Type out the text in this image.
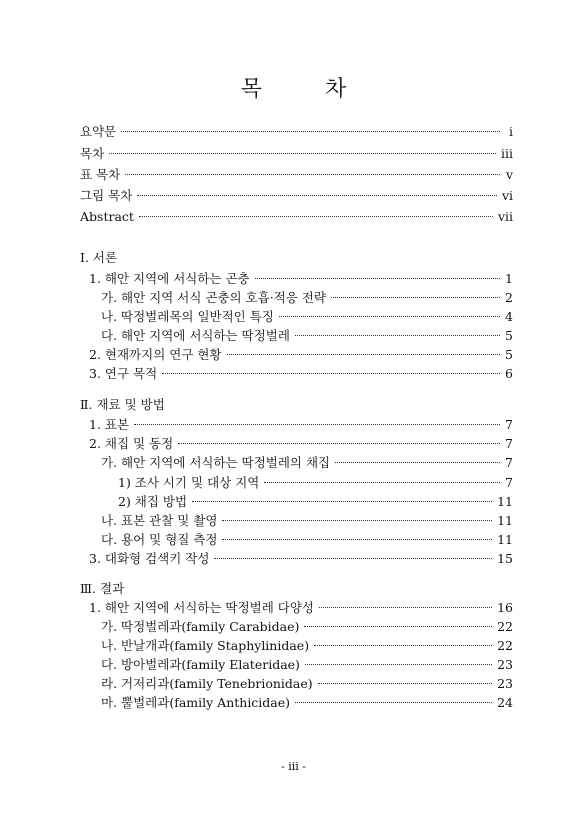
목 차
요약문	i
목차	iii
표 목차	v
그림 목차	vi
Abstract	vii
Ⅰ. 서론
1. 해안 지역에 서식하는 곤충	1
가. 해안 지역 서식 곤충의 호흡·적응 전략	2
나. 딱정벌레목의 일반적인 특징	4
다. 해안 지역에 서식하는 딱정벌레	5
2. 현재까지의 연구 현황	5
3. 연구 목적	6
Ⅱ. 재료 및 방법
1. 표본	7
2. 채집 및 동정	7
가. 해안 지역에 서식하는 딱정벌레의 채집	7
1) 조사 시기 및 대상 지역	7
2) 채집 방법	11
나. 표본 관찰 및 촬영	11
다. 용어 및 형질 측정	11
3. 대화형 검색키 작성	15
Ⅲ. 결과
1. 해안 지역에 서식하는 딱정벌레 다양성	16
가. 딱정벌레과(family Carabidae)	22
나. 반날개과(family Staphylinidae)	22
다. 방아벌레과(family Elateridae)	23
라. 거저리과(family Tenebrionidae)	23
마. 뿔벌레과(family Anthicidae)	24
- iii -
